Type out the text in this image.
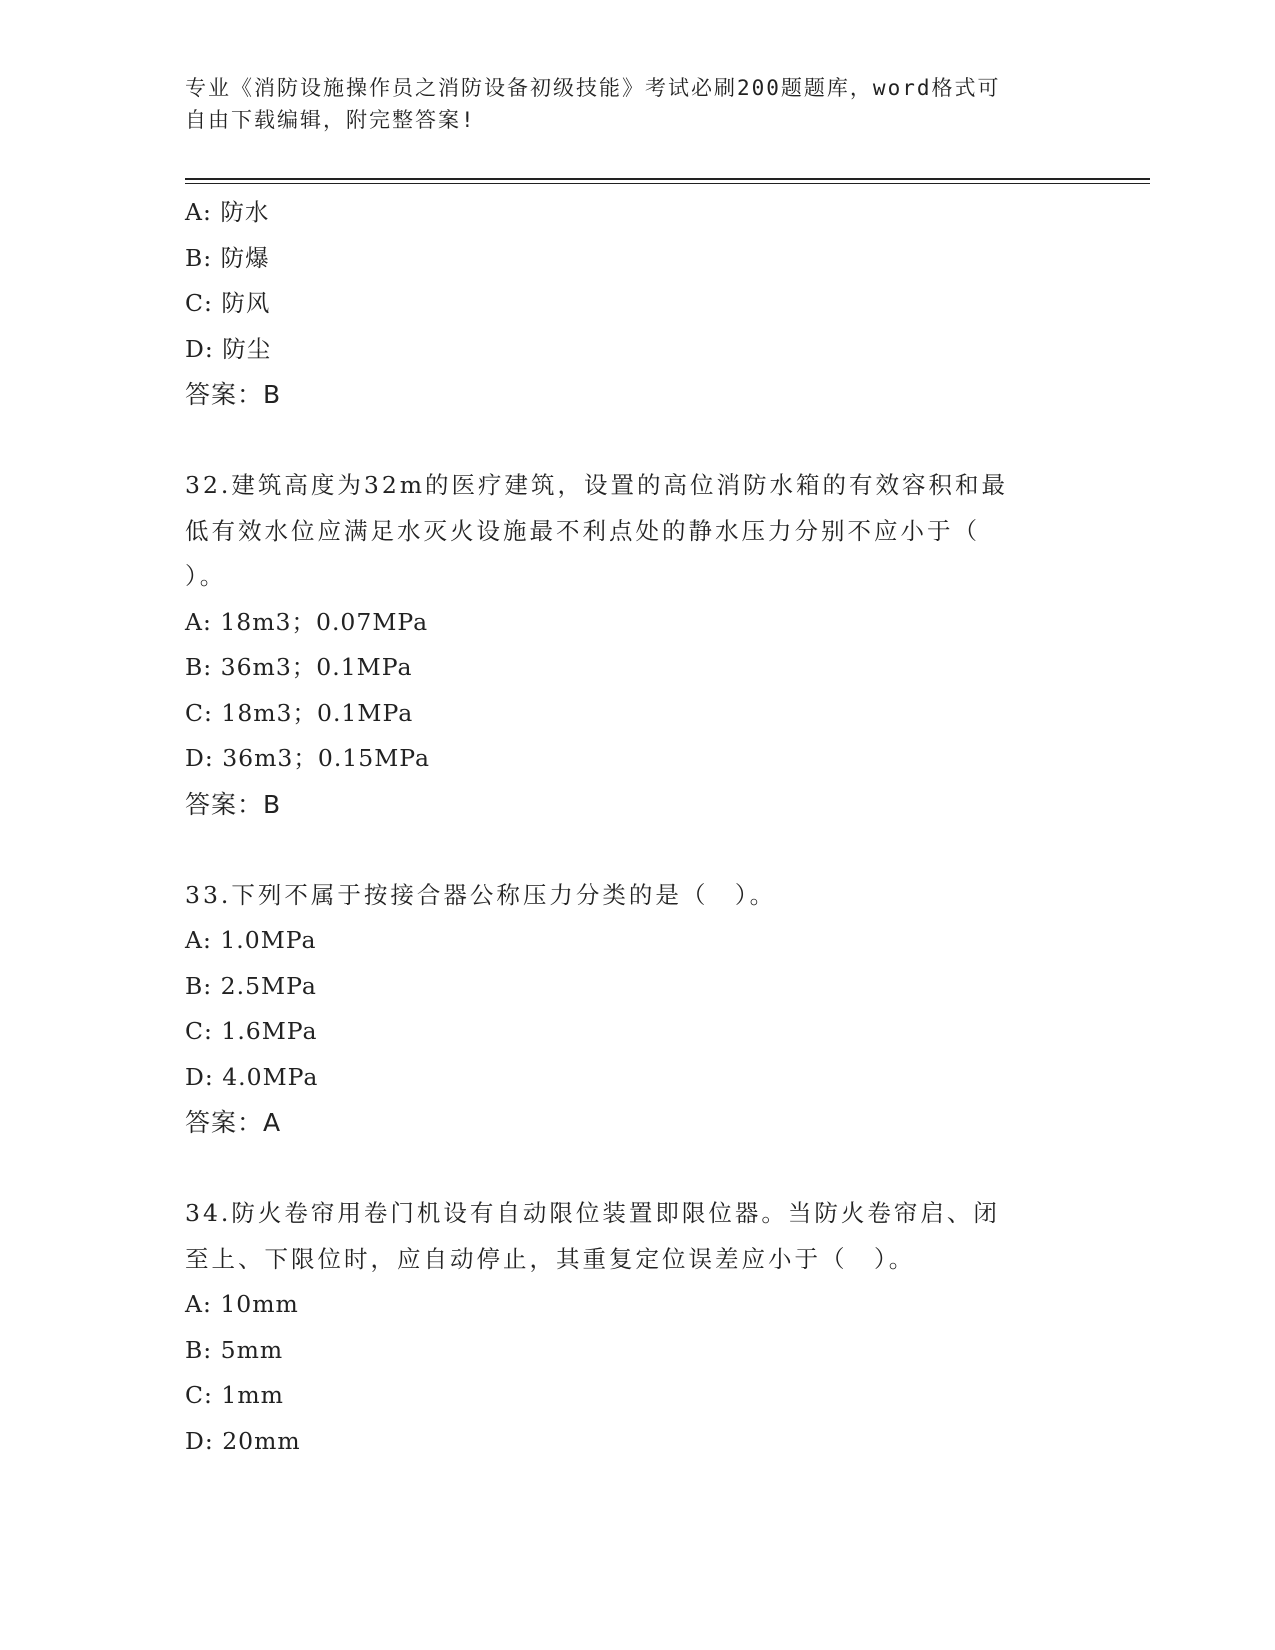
专业《消防设施操作员之消防设备初级技能》考试必刷200题题库，word格式可
自由下载编辑，附完整答案!
A: 防水
B: 防爆
C: 防风
D: 防尘
答案：B
32.建筑高度为32m的医疗建筑，设置的高位消防水箱的有效容积和最
低有效水位应满足水灭火设施最不利点处的静水压力分别不应小于（
）。
A: 18m3；0.07MPa
B: 36m3；0.1MPa
C: 18m3；0.1MPa
D: 36m3；0.15MPa
答案：B
33.下列不属于按接合器公称压力分类的是（　）。
A: 1.0MPa
B: 2.5MPa
C: 1.6MPa
D: 4.0MPa
答案：A
34.防火卷帘用卷门机设有自动限位装置即限位器。当防火卷帘启、闭
至上、下限位时，应自动停止，其重复定位误差应小于（　）。
A: 10mm
B: 5mm
C: 1mm
D: 20mm
